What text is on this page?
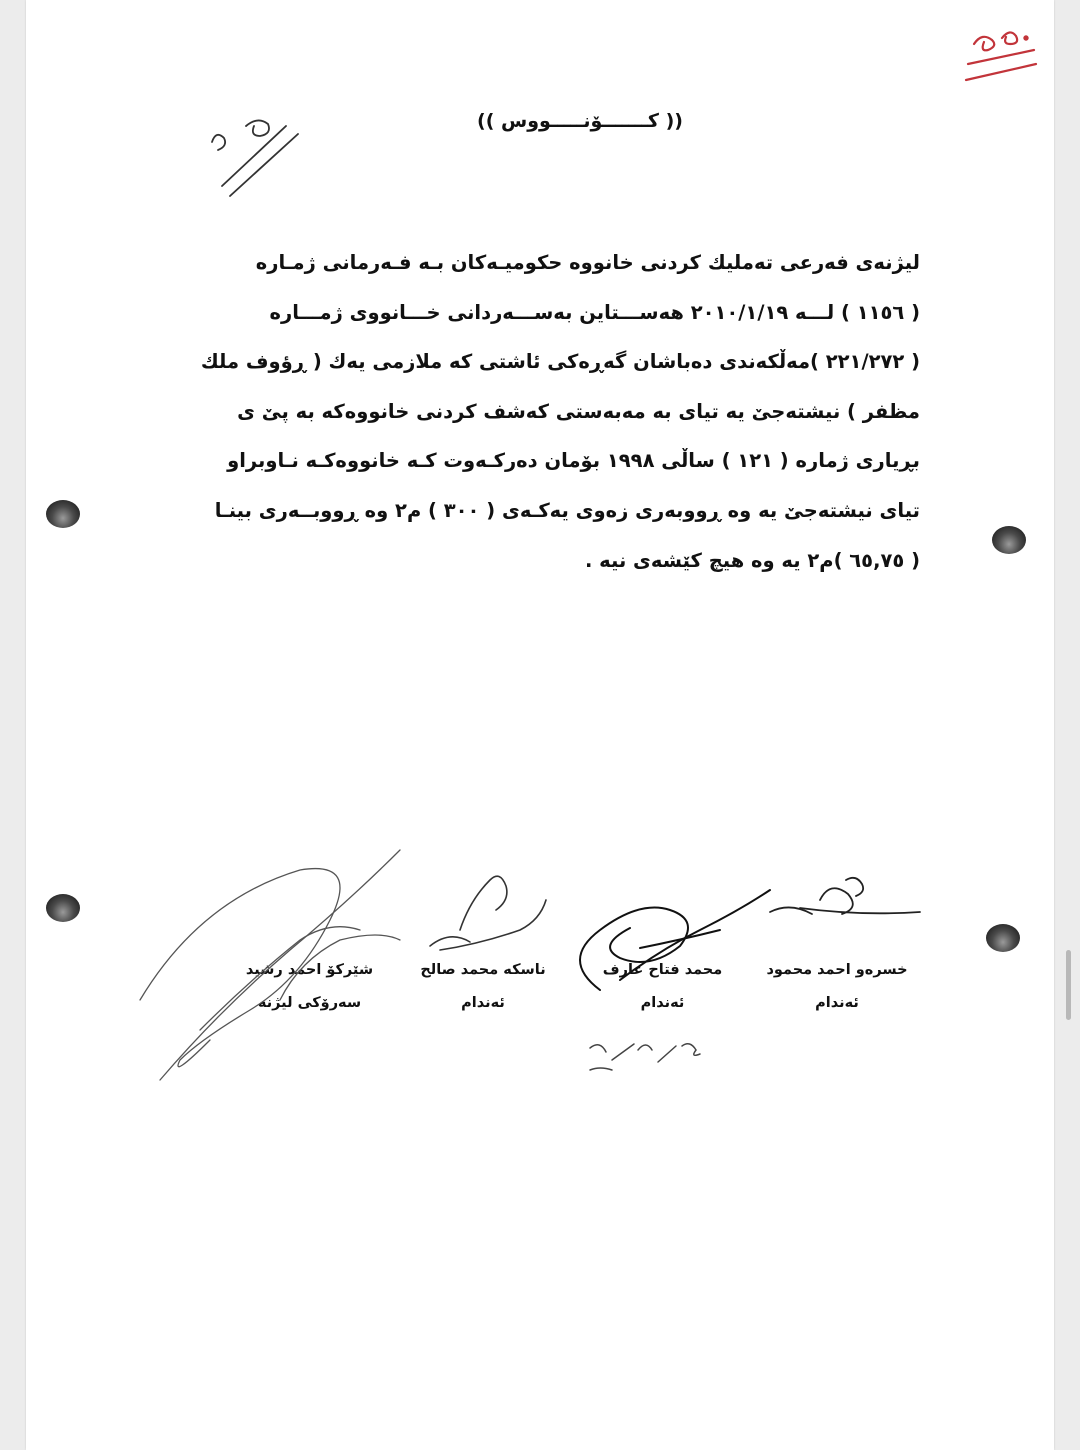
(( كـــــــۆنـــــووس ))
لیژنەی فەرعی تەملیك كردنی خانووە حكومیـەكان بـە فـەرمانی ژمـارە
( ١١٥٦ ) لـــە ٢٠١٠/١/١٩ هەســـتاین بەســـەردانی خـــانووی ژمـــارە
( ٢٢١/٢٧٢ )مەڵكەندی دەباشان گەڕەكی ئاشتی كە ملازمی یەك ( ڕؤوف ملك
مظفر ) نیشتەجێ یە تیای بە مەبەستی كەشف كردنی خانووەكە بە پێ ی
بڕیاری ژمارە ( ١٢١ ) ساڵی ١٩٩٨ بۆمان دەركـەوت كـە خانووەكـە نـاوبراو
تیای نیشتەجێ یە وە ڕووبەری زەوی یەكـەی ( ٣٠٠ ) م٢ وە ڕووبــەری بینـا
( ٦٥,٧٥ )م٢ یە وە هیچ كێشەی نیە .
خسرەو احمد محمود
ئەندام
محمد فتاح عارف
ئەندام
ناسكە محمد صالح
ئەندام
شێركۆ احمد رشید
سەرۆكی لیژنە
